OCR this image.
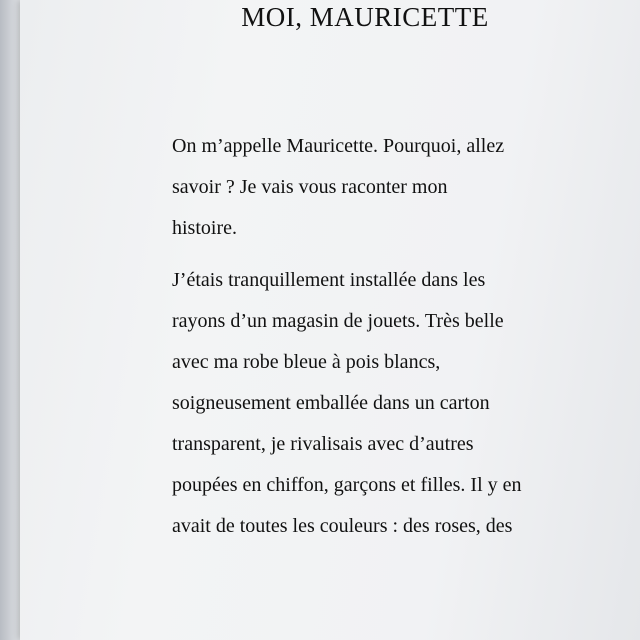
MOI, MAURICETTE

On m’appelle Mauricette. Pourquoi, allez
savoir ? Je vais vous raconter mon
histoire.

J’étais tranquillement installée dans les
rayons d’un magasin de jouets. Très belle
avec ma robe bleue à pois blancs,
soigneusement emballée dans un carton
transparent, je rivalisais avec d’autres
poupées en chiffon, garçons et filles. Il y en
avait de toutes les couleurs : des roses, des
